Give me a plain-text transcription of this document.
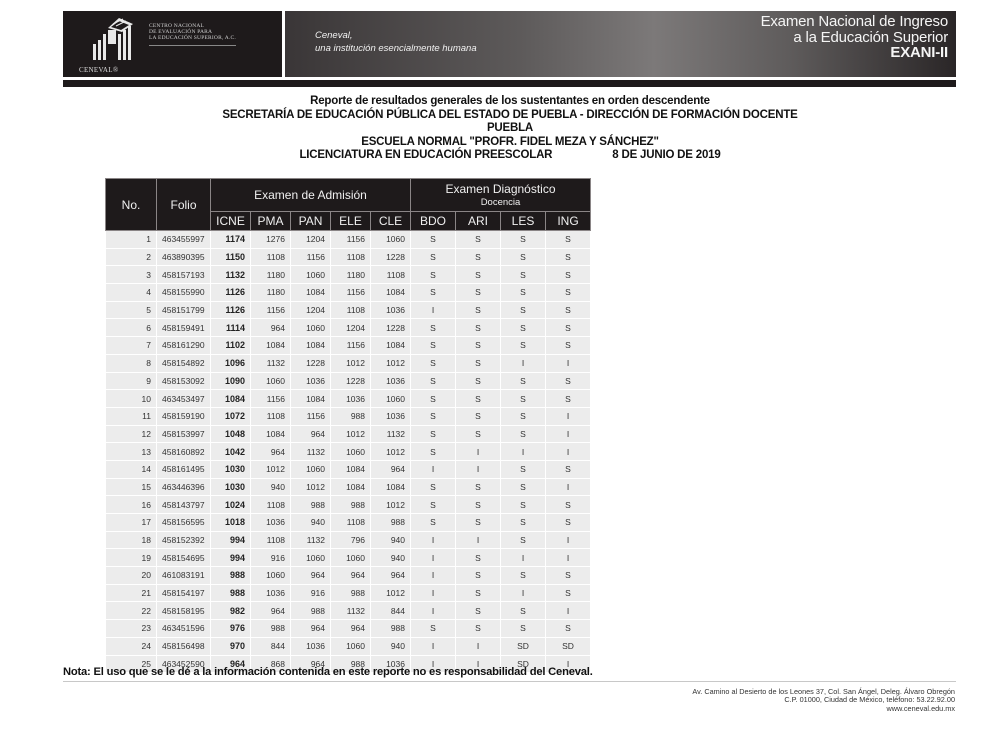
CENEVAL®
CENTRO NACIONAL
DE EVALUACIÓN PARA
LA EDUCACIÓN SUPERIOR, A.C.	Ceneval,
una institución esencialmente humana
Examen Nacional de Ingreso
a la Educación Superior
EXANI-II
Reporte de resultados generales de los sustentantes en orden descendente
SECRETARÍA DE EDUCACIÓN PÚBLICA DEL ESTADO DE PUEBLA - DIRECCIÓN DE FORMACIÓN DOCENTE
PUEBLA
ESCUELA NORMAL "PROFR. FIDEL MEZA Y SÁNCHEZ"
LICENCIATURA EN EDUCACIÓN PREESCOLAR	8 DE JUNIO DE 2019
No.	Folio	Examen de Admisión					Examen Diagnóstico
Docencia			

		ICNE	PMA	PAN	ELE	CLE	BDO	ARI	LES	ING
1	463455997	1174	1276	1204	1156	1060	S	S	S	S
2	463890395	1150	1108	1156	1108	1228	S	S	S	S
3	458157193	1132	1180	1060	1180	1108	S	S	S	S
4	458155990	1126	1180	1084	1156	1084	S	S	S	S
5	458151799	1126	1156	1204	1108	1036	I	S	S	S
6	458159491	1114	964	1060	1204	1228	S	S	S	S
7	458161290	1102	1084	1084	1156	1084	S	S	S	S
8	458154892	1096	1132	1228	1012	1012	S	S	I	I
9	458153092	1090	1060	1036	1228	1036	S	S	S	S
10	463453497	1084	1156	1084	1036	1060	S	S	S	S
11	458159190	1072	1108	1156	988	1036	S	S	S	I
12	458153997	1048	1084	964	1012	1132	S	S	S	I
13	458160892	1042	964	1132	1060	1012	S	I	I	I
14	458161495	1030	1012	1060	1084	964	I	I	S	S
15	463446396	1030	940	1012	1084	1084	S	S	S	I
16	458143797	1024	1108	988	988	1012	S	S	S	S
17	458156595	1018	1036	940	1108	988	S	S	S	S
18	458152392	994	1108	1132	796	940	I	I	S	I
19	458154695	994	916	1060	1060	940	I	S	I	I
20	461083191	988	1060	964	964	964	I	S	S	S
21	458154197	988	1036	916	988	1012	I	S	I	S
22	458158195	982	964	988	1132	844	I	S	S	I
23	463451596	976	988	964	964	988	S	S	S	S
24	458156498	970	844	1036	1060	940	I	I	SD	SD
25	463452590	964	868	964	988	1036	I	I	SD	I
Nota: El uso que se le dé a la información contenida en este reporte no es responsabilidad del Ceneval.
Av. Camino al Desierto de los Leones 37, Col. San Ángel, Deleg. Álvaro Obregón
C.P. 01000, Ciudad de México, teléfono: 53.22.92.00
www.ceneval.edu.mx
